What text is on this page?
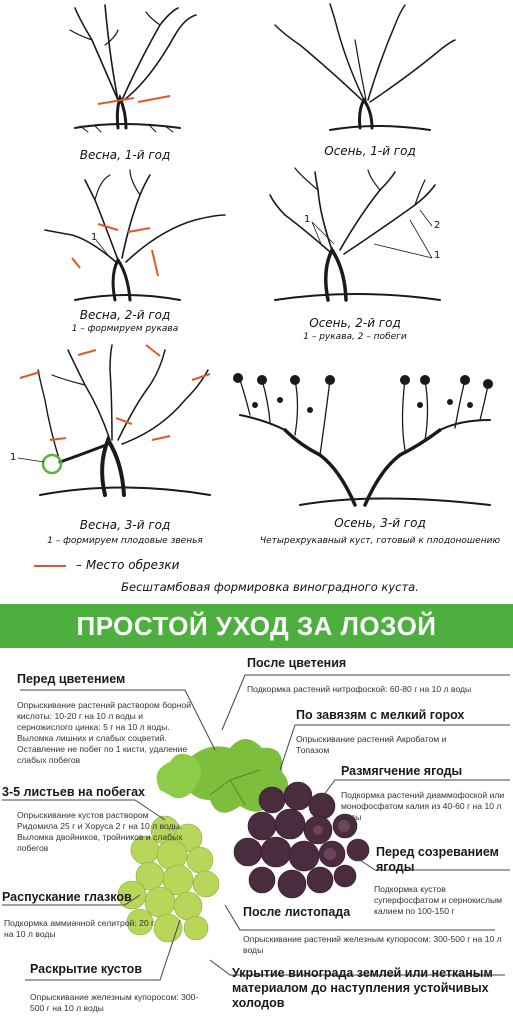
1
1
1
2
1
Весна, 1-й год	Осень, 1-й год
Весна, 2-й год
1 – формируем рукава	Осень, 2-й год
1 – рукава, 2 – побеги
Весна, 3-й год
1 – формируем плодовые звенья
Осень, 3-й год
Четырехрукавный куст, готовый к плодоношению
– Место обрезки
Бесштамбовая формировка виноградного куста.
ПРОСТОЙ УХОД ЗА ЛОЗОЙ
Перед цветением
Опрыскивание растений раствором борной кислоты: 10-20 г на 10 л воды и серножислого цинка: 5 г на 10 л воды. Выломка лишних и слабых соцветий. Оставление не побег по 1 кисти, удаление слабых побегов
3-5 листьев на побегах
Опрыскивание кустов раствором Ридомила 25 г и Хоруса 2 г на 10 л воды. Выломка двойников, тройников и слабых побегов
Распускание глазков
Подкормка аммиачной селитрой: 20 г на 10 л воды
Раскрытие кустов
Опрыскивание железным купоросом: 300-500 г на 10 л воды
После цветения
Подкормка растений нитрофоской: 60-80 г на 10 л воды
По завязям с мелкий горох
Опрыскивание растений Акробатом и Топазом
Размягчение ягоды
Подкормка растений диаммофоской или монофосфатом калия из 40-60 г на 10 л воды
Перед созреванием ягоды
Подкормка кустов суперфосфатом и сернокислым калием по 100-150 г
После листопада
Опрыскивание растений железным купоросом: 300-500 г на 10 л воды
Укрытие винограда землей или нетканым материалом до наступления устойчивых холодов
